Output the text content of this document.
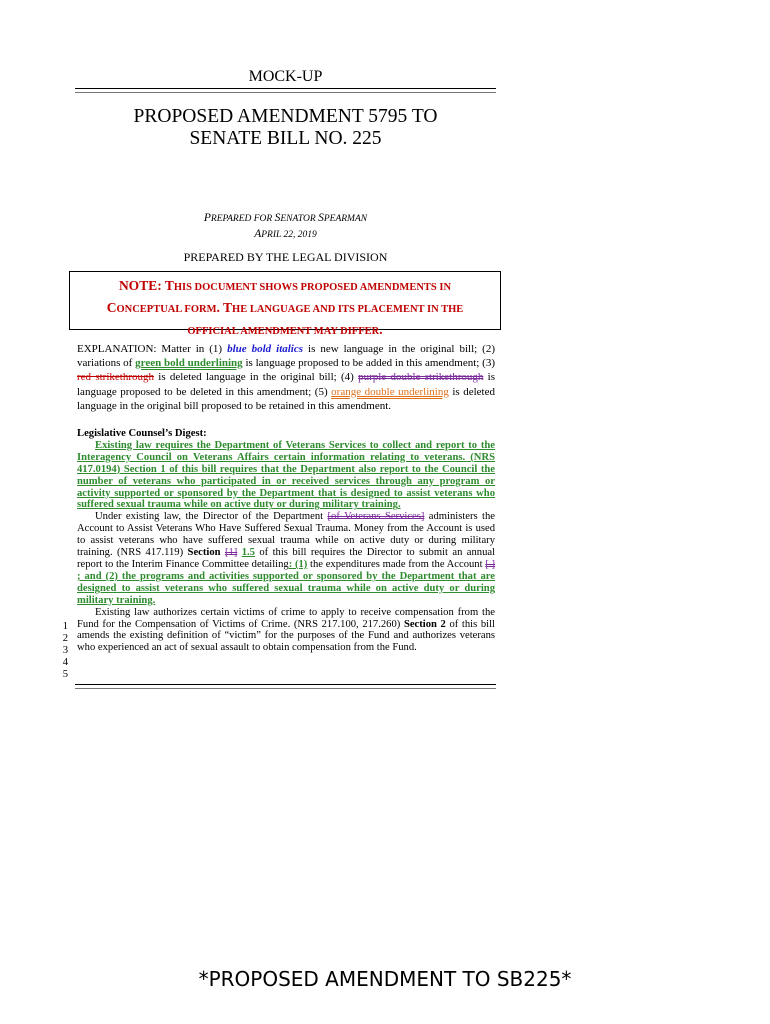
MOCK-UP
PROPOSED AMENDMENT 5795 TO
SENATE BILL NO. 225
PREPARED FOR SENATOR SPEARMAN
APRIL 22, 2019
PREPARED BY THE LEGAL DIVISION
NOTE: THIS DOCUMENT SHOWS PROPOSED AMENDMENTS IN
CONCEPTUAL FORM. THE LANGUAGE AND ITS PLACEMENT IN THE
OFFICIAL AMENDMENT MAY DIFFER.
EXPLANATION: Matter in (1) blue bold italics is new language in the original bill; (2) variations of green bold underlining is language proposed to be added in this amendment; (3) red strikethrough is deleted language in the original bill; (4) purple double strikethrough is language proposed to be deleted in this amendment; (5) orange double underlining is deleted language in the original bill proposed to be retained in this amendment.
Legislative Counsel’s Digest:
Existing law requires the Department of Veterans Services to collect and report to the Interagency Council on Veterans Affairs certain information relating to veterans. (NRS 417.0194) Section 1 of this bill requires that the Department also report to the Council the number of veterans who participated in or received services through any program or activity supported or sponsored by the Department that is designed to assist veterans who suffered sexual trauma while on active duty or during military training.
Under existing law, the Director of the Department [of Veterans Services] administers the Account to Assist Veterans Who Have Suffered Sexual Trauma. Money from the Account is used to assist veterans who have suffered sexual trauma while on active duty or during military training. (NRS 417.119) Section [1] 1.5 of this bill requires the Director to submit an annual report to the Interim Finance Committee detailing: (1) the expenditures made from the Account [.] ; and (2) the programs and activities supported or sponsored by the Department that are designed to assist veterans who suffered sexual trauma while on active duty or during military training.
Existing law authorizes certain victims of crime to apply to receive compensation from the Fund for the Compensation of Victims of Crime. (NRS 217.100, 217.260) Section 2 of this bill amends the existing definition of “victim” for the purposes of the Fund and authorizes veterans who experienced an act of sexual assault to obtain compensation from the Fund.
1
2
3
4
5
*PROPOSED AMENDMENT TO SB225*
